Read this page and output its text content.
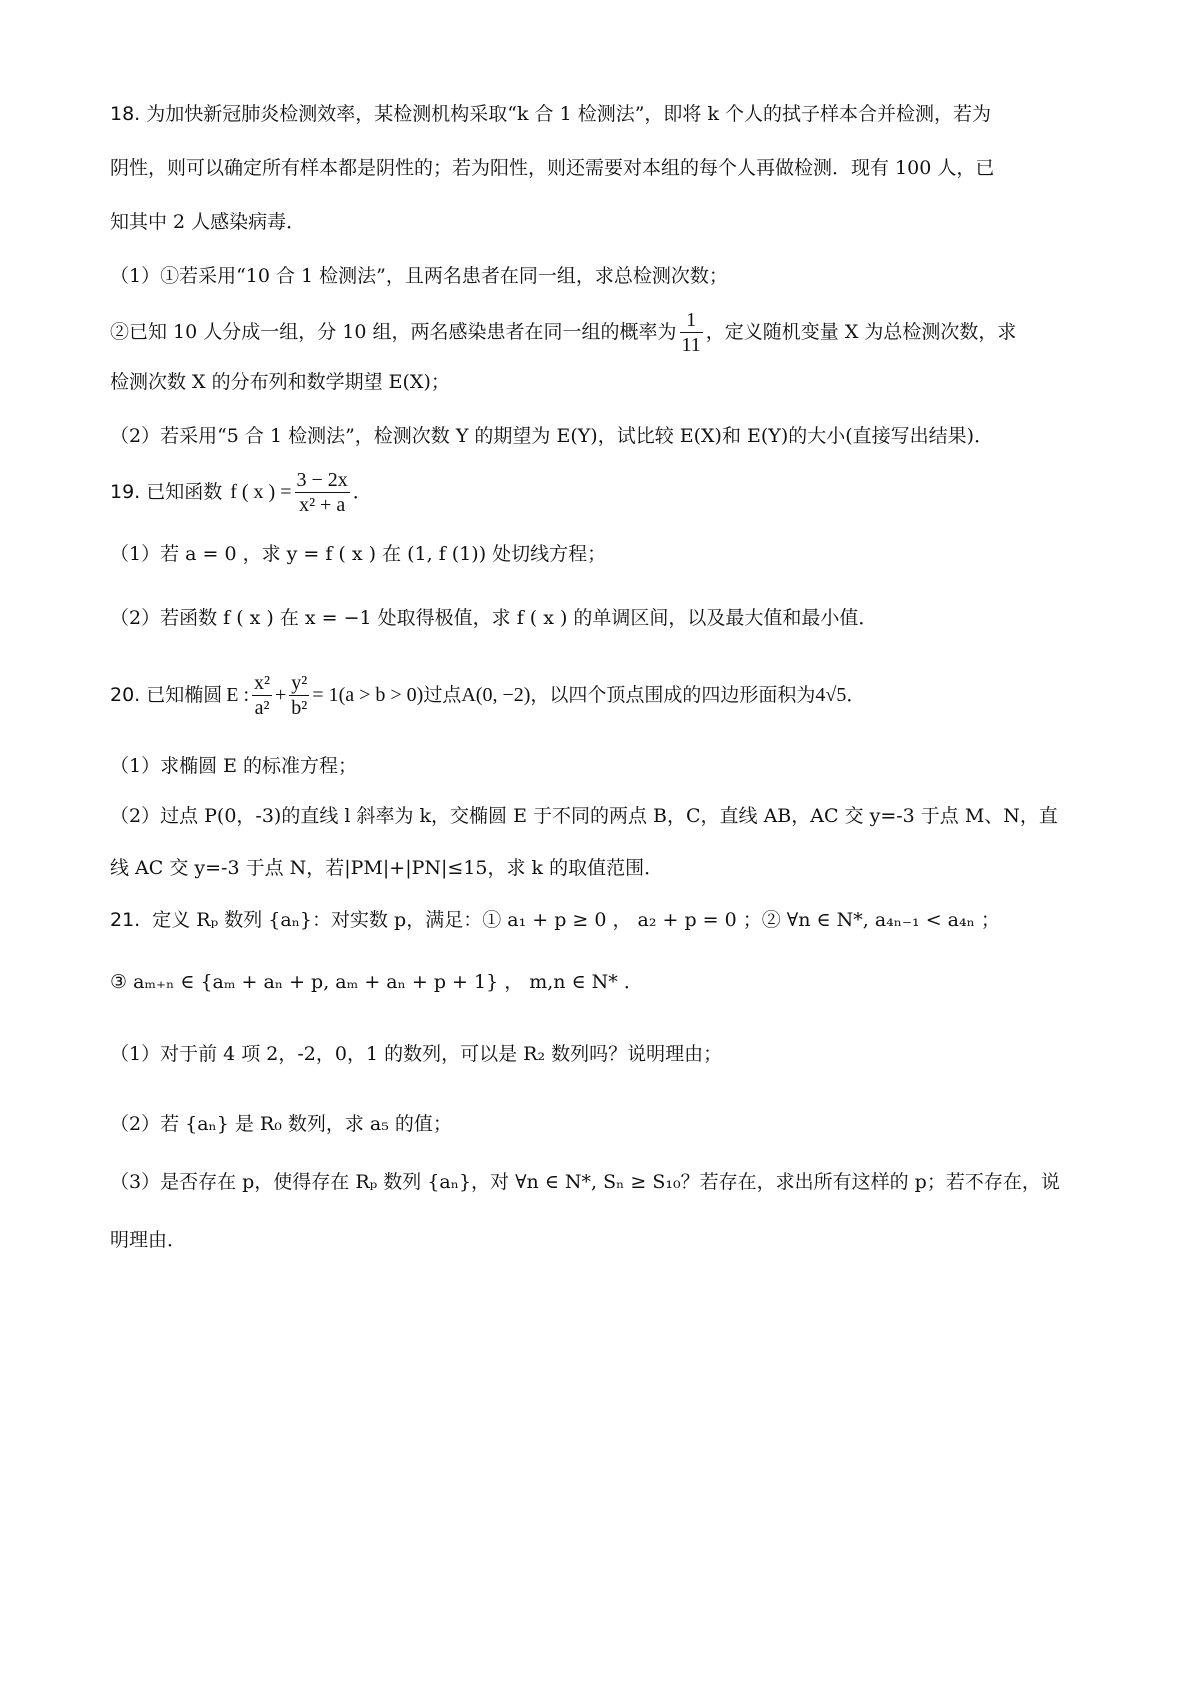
18. 为加快新冠肺炎检测效率，某检测机构采取“k 合 1 检测法”，即将 k 个人的拭子样本合并检测，若为
阴性，则可以确定所有样本都是阴性的；若为阳性，则还需要对本组的每个人再做检测．现有 100 人，已
知其中 2 人感染病毒．
（1）①若采用“10 合 1 检测法”，且两名患者在同一组，求总检测次数；
②已知 10 人分成一组，分 10 组，两名感染患者在同一组的概率为 $\frac{1}{11}$ ，定义随机变量 X 为总检测次数，求
检测次数 X 的分布列和数学期望 E(X)；
（2）若采用“5 合 1 检测法”，检测次数 Y 的期望为 E(Y)，试比较 E(X)和 E(Y)的大小(直接写出结果)．
19. 已知函数 f ( x ) = $\frac{3 - 2x}{\text{x² + a}}$ ．
（1）若 a = 0 ，求 y = f ( x ) 在 (1, f (1)) 处切线方程；
（2）若函数 f ( x ) 在 x = −1 处取得极值，求 f ( x ) 的单调区间，以及最大值和最小值．
20. 已知椭圆 E : $\frac{\text{x²}}{\text{a²}} + \frac{\text{y²}}{\text{b²}} = 1(a > b > 0)$ 过点 A(0, −2) ，以四个顶点围成的四边形面积为 4√5 ．
（1）求椭圆 E 的标准方程；
（2）过点 P(0，-3)的直线 l 斜率为 k，交椭圆 E 于不同的两点 B，C，直线 AB，AC 交 y=-3 于点 M、N，直
线 AC 交 y=-3 于点 N，若|PM|+|PN|≤15，求 k 的取值范围．
21. 定义 Rₚ 数列 {aₙ}：对实数 p，满足：① a₁ + p ≥ 0 ， a₂ + p = 0 ；② ∀n ∈ N*, a₄ₙ₋₁ < a₄ₙ ；
③ aₘ₊ₙ ∈ {aₘ + aₙ + p, aₘ + aₙ + p + 1} ， m,n ∈ N* ．
（1）对于前 4 项 2，-2，0，1 的数列，可以是 R₂ 数列吗？说明理由；
（2）若 {aₙ} 是 R₀ 数列，求 a₅ 的值；
（3）是否存在 p，使得存在 Rₚ 数列 {aₙ}，对 ∀n ∈ N*, Sₙ ≥ S₁₀？若存在，求出所有这样的 p；若不存在，说
明理由．
